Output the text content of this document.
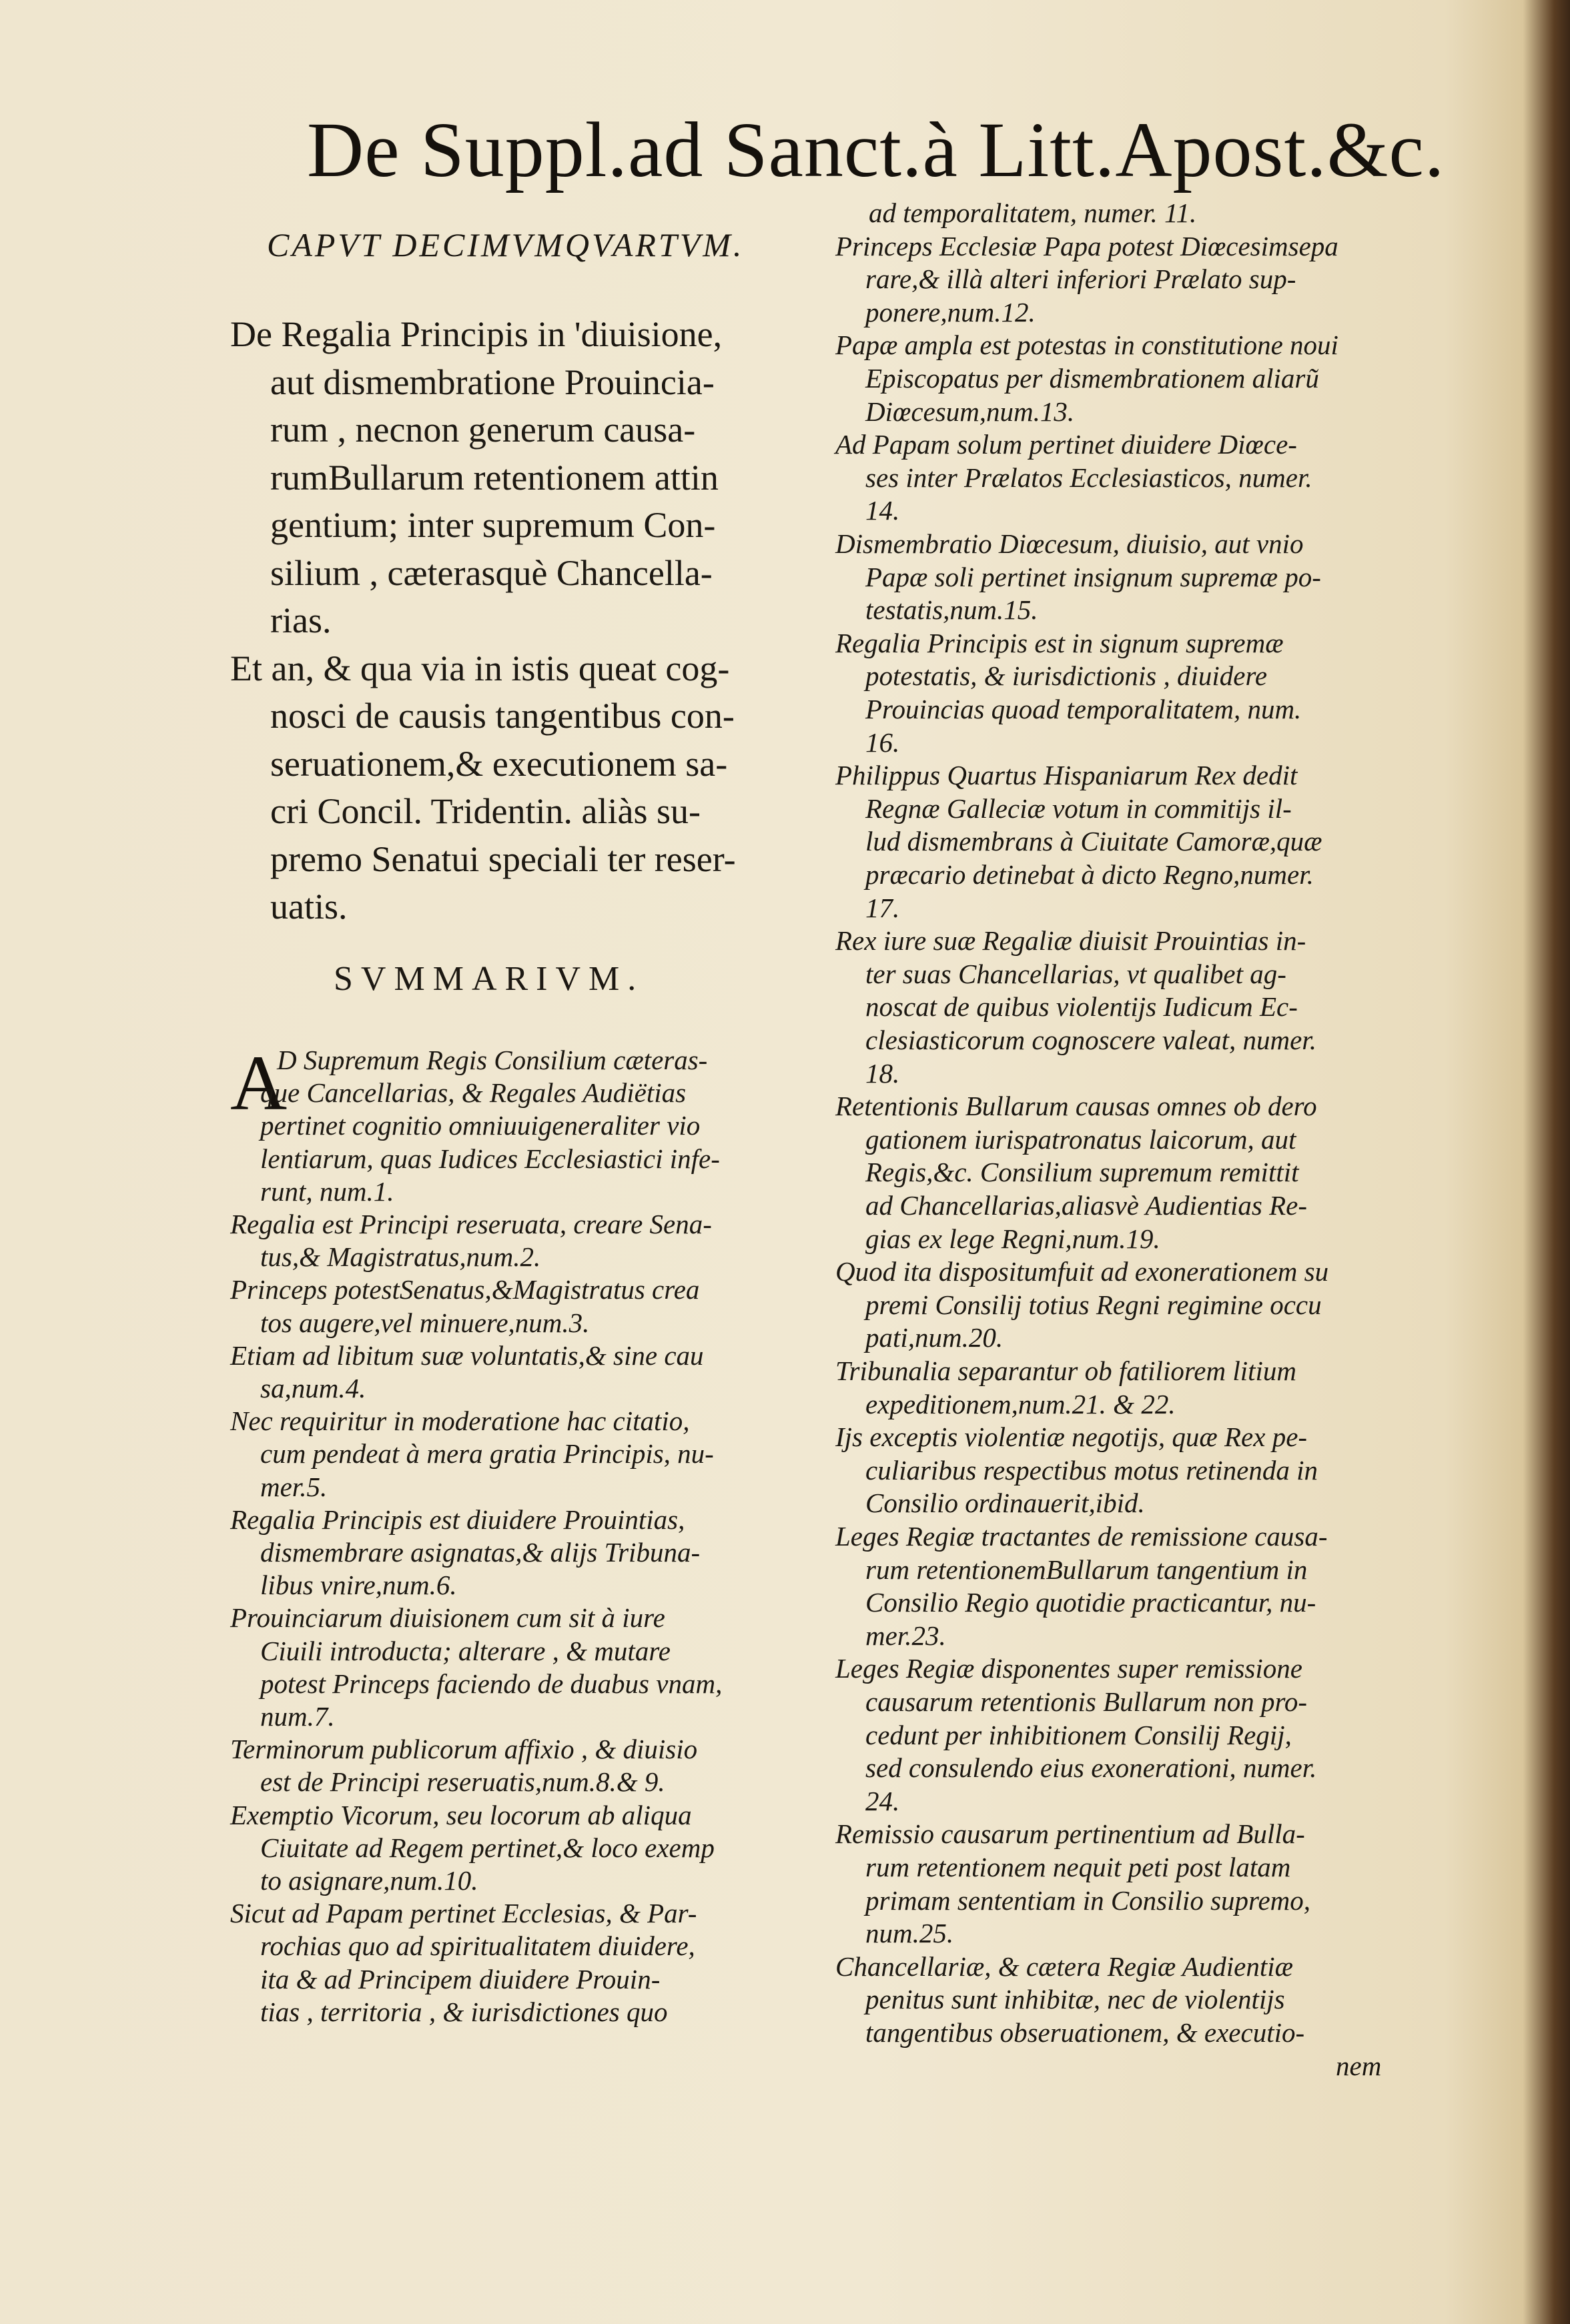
De Suppl.ad Sanct.à Litt.Apost.&c.
CAPVT DECIMVMQVARTVM.
De Regalia Principis in 'diuisione,
aut dismembratione Prouincia-
rum , necnon generum causa-
rumBullarum retentionem attin
gentium; inter supremum Con-
silium , cæterasquè Chancella-
rias.
Et an, & qua via in istis queat cog-
nosci de causis tangentibus con-
seruationem,& executionem sa-
cri Concil. Tridentin. aliàs su-
premo Senatui speciali ter reser-
uatis.
SVMMARIVM.
A
D Supremum Regis Consilium cæteras-
que Cancellarias, & Regales Audiëtias
pertinet cognitio omniuuigeneraliter vio
lentiarum, quas Iudices Ecclesiastici infe-
runt, num.1.
Regalia est Principi reseruata, creare Sena-
tus,& Magistratus,num.2.
Princeps potestSenatus,&Magistratus crea
tos augere,vel minuere,num.3.
Etiam ad libitum suæ voluntatis,& sine cau
sa,num.4.
Nec requiritur in moderatione hac citatio,
cum pendeat à mera gratia Principis, nu-
mer.5.
Regalia Principis est diuidere Prouintias,
dismembrare asignatas,& alijs Tribuna-
libus vnire,num.6.
Prouinciarum diuisionem cum sit à iure
Ciuili introducta; alterare , & mutare
potest Princeps faciendo de duabus vnam,
num.7.
Terminorum publicorum affixio , & diuisio
est de Principi reseruatis,num.8.& 9.
Exemptio Vicorum, seu locorum ab aliqua
Ciuitate ad Regem pertinet,& loco exemp
to asignare,num.10.
Sicut ad Papam pertinet Ecclesias, & Par-
rochias quo ad spiritualitatem diuidere,
ita & ad Principem diuidere Prouin-
tias , territoria , & iurisdictiones quo
ad temporalitatem, numer. 11.
Princeps Ecclesiæ Papa potest Diœcesimsepa
rare,& illà alteri inferiori Prælato sup-
ponere,num.12.
Papæ ampla est potestas in constitutione noui
Episcopatus per dismembrationem aliarũ
Diœcesum,num.13.
Ad Papam solum pertinet diuidere Diœce-
ses inter Prælatos Ecclesiasticos, numer.
14.
Dismembratio Diœcesum, diuisio, aut vnio
Papæ soli pertinet insignum supremæ po-
testatis,num.15.
Regalia Principis est in signum supremæ
potestatis, & iurisdictionis , diuidere
Prouincias quoad temporalitatem, num.
16.
Philippus Quartus Hispaniarum Rex dedit
Regnæ Galleciæ votum in commitijs il-
lud dismembrans à Ciuitate Camoræ,quæ
præcario detinebat à dicto Regno,numer.
17.
Rex iure suæ Regaliæ diuisit Prouintias in-
ter suas Chancellarias, vt qualibet ag-
noscat de quibus violentijs Iudicum Ec-
clesiasticorum cognoscere valeat, numer.
18.
Retentionis Bullarum causas omnes ob dero
gationem iurispatronatus laicorum, aut
Regis,&c. Consilium supremum remittit
ad Chancellarias,aliasvè Audientias Re-
gias ex lege Regni,num.19.
Quod ita dispositumfuit ad exonerationem su
premi Consilij totius Regni regimine occu
pati,num.20.
Tribunalia separantur ob fatiliorem litium
expeditionem,num.21. & 22.
Ijs exceptis violentiæ negotijs, quæ Rex pe-
culiaribus respectibus motus retinenda in
Consilio ordinauerit,ibid.
Leges Regiæ tractantes de remissione causa-
rum retentionemBullarum tangentium in
Consilio Regio quotidie practicantur, nu-
mer.23.
Leges Regiæ disponentes super remissione
causarum retentionis Bullarum non pro-
cedunt per inhibitionem Consilij Regij,
sed consulendo eius exonerationi, numer.
24.
Remissio causarum pertinentium ad Bulla-
rum retentionem nequit peti post latam
primam sententiam in Consilio supremo,
num.25.
Chancellariæ, & cætera Regiæ Audientiæ
penitus sunt inhibitæ, nec de violentijs
tangentibus obseruationem, & executio-
nem
